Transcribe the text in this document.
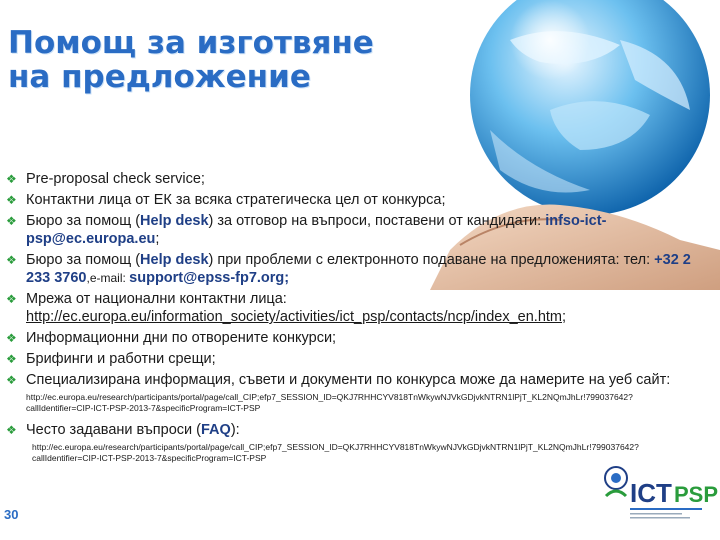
Помощ за изготвяне
на предложение
❖ Pre-proposal check service;
❖ Контактни лица от ЕК за всяка стратегическа цел от конкурса;
❖ Бюро за помощ (Help desk) за отговор на въпроси, поставени от кандидати: infso-ict-psp@ec.europa.eu;
❖ Бюро за помощ (Help desk) при проблеми с електронното подаване на предложенията: тел: +32 2 233 3760,e-mail: support@epss-fp7.org;
❖ Мрежа от национални контактни лица: http://ec.europa.eu/information_society/activities/ict_psp/contacts/ncp/index_en.htm;
❖ Информационни дни по отворените конкурси;
❖ Брифинги и работни срещи;
❖ Специализирана информация, съвети и документи по конкурса може да намерите на уеб сайт:
http://ec.europa.eu/research/participants/portal/page/call_CIP;efp7_SESSION_ID=QKJ7RHHCYV818TnWkywNJVkGDjvkNTRN1lPjT_KL2NQmJhLr!799037642?callIdentifier=CIP-ICT-PSP-2013-7&specificProgram=ICT-PSP
❖ Често задавани въпроси (FAQ):
http://ec.europa.eu/research/participants/portal/page/call_CIP;efp7_SESSION_ID=QKJ7RHHCYV818TnWkywNJVkGDjvkNTRN1lPjT_KL2NQmJhLr!799037642?callIdentifier=CIP-ICT-PSP-2013-7&specificProgram=ICT-PSP
30
ICT PSP
